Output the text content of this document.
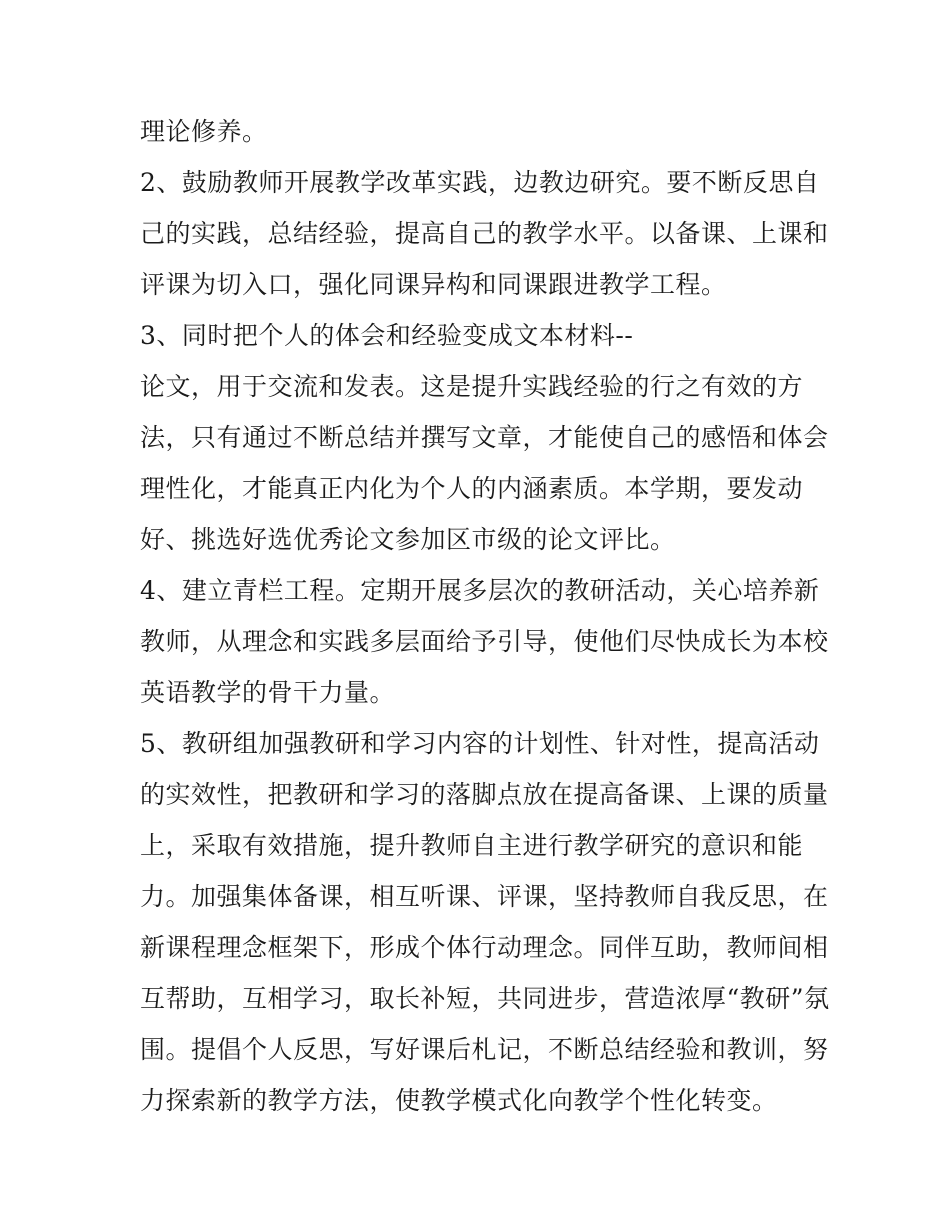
理论修养。
2、鼓励教师开展教学改革实践，边教边研究。要不断反思自
己的实践，总结经验，提高自己的教学水平。以备课、上课和
评课为切入口，强化同课异构和同课跟进教学工程。
3、同时把个人的体会和经验变成文本材料--
论文，用于交流和发表。这是提升实践经验的行之有效的方
法，只有通过不断总结并撰写文章，才能使自己的感悟和体会
理性化，才能真正内化为个人的内涵素质。本学期，要发动
好、挑选好选优秀论文参加区市级的论文评比。
4、建立青栏工程。定期开展多层次的教研活动，关心培养新
教师，从理念和实践多层面给予引导，使他们尽快成长为本校
英语教学的骨干力量。
5、教研组加强教研和学习内容的计划性、针对性，提高活动
的实效性，把教研和学习的落脚点放在提高备课、上课的质量
上，采取有效措施，提升教师自主进行教学研究的意识和能
力。加强集体备课，相互听课、评课，坚持教师自我反思，在
新课程理念框架下，形成个体行动理念。同伴互助，教师间相
互帮助，互相学习，取长补短，共同进步，营造浓厚“教研”氛
围。提倡个人反思，写好课后札记，不断总结经验和教训，努
力探索新的教学方法，使教学模式化向教学个性化转变。
